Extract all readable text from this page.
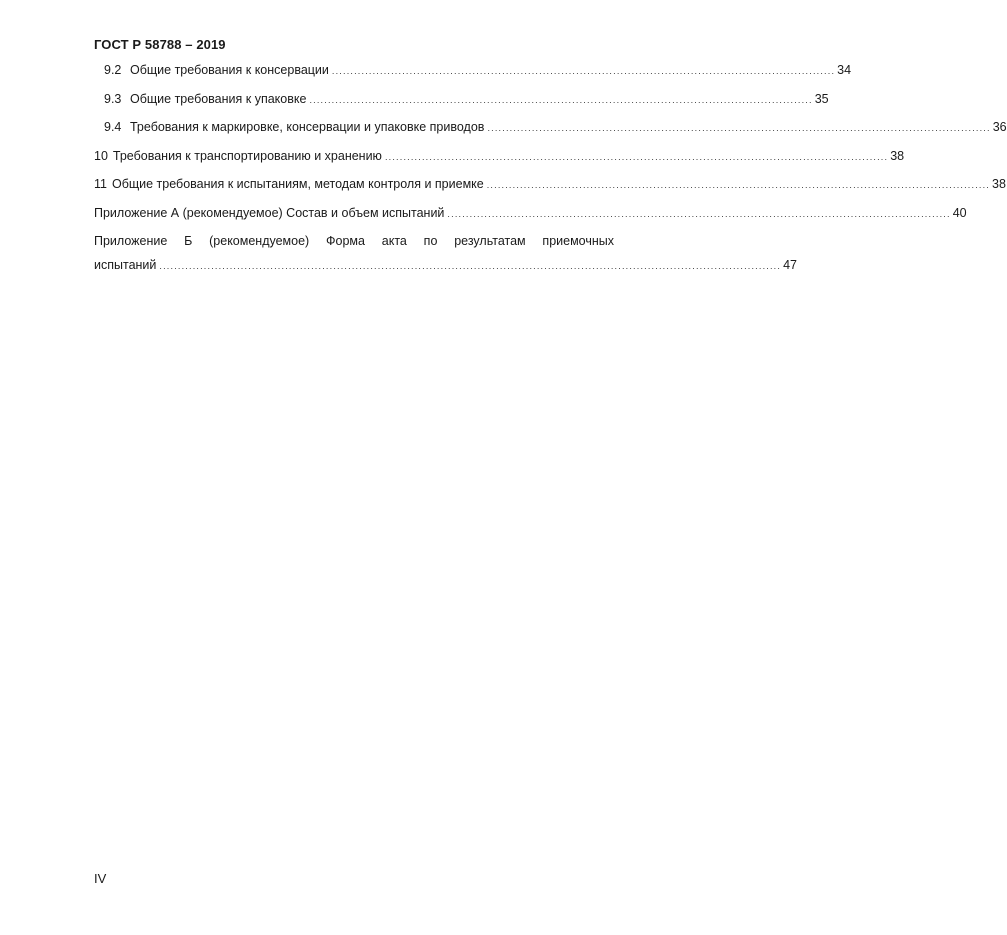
ГОСТ Р 58788 – 2019
9.2 Общие требования к консервации ........................................................................................................................................ 34
9.3 Общие требования к упаковке ........................................................................................................................................ 35
9.4 Требования к маркировке, консервации и упаковке приводов ........................................................................................................................................ 36
10 Требования к транспортированию и хранению ........................................................................................................................................ 38
11 Общие требования к испытаниям, методам контроля и приемке ........................................................................................................................................ 38
Приложение А (рекомендуемое) Состав и объем испытаний ........................................................................................................................................ 40
Приложение Б (рекомендуемое) Форма акта по результатам приемочных
испытаний ........................................................................................................................................................................ 47
IV
